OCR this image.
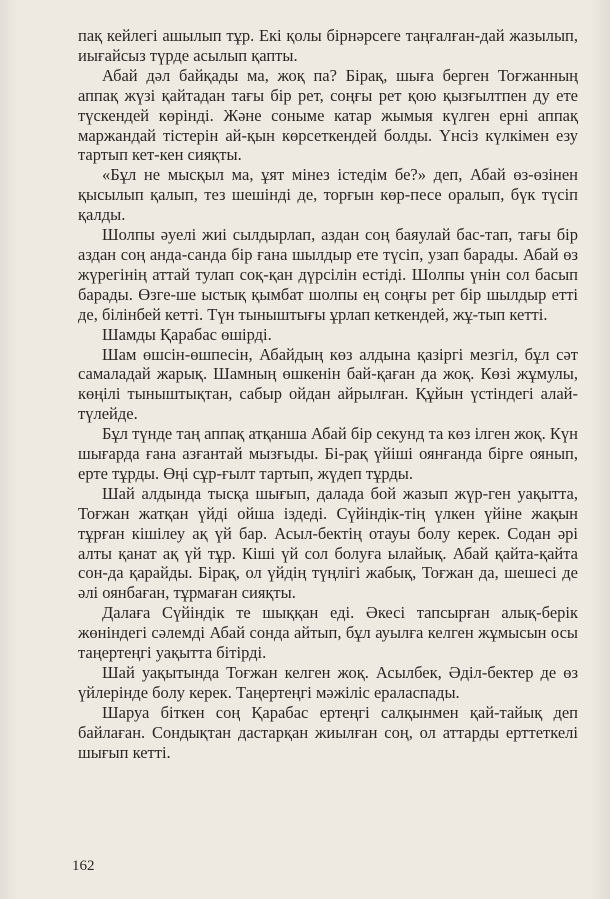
пақ кейлегі ашылып тұр. Екі қолы бірнәрсеге таңғалған-дай жазылып, иығайсыз түрде асылып қапты.

Абай дәл байқады ма, жоқ па? Бірақ, шыға берген Тоғжанның аппақ жүзі қайтадан тағы бір рет, соңғы рет қою қызғылтпен ду ете түскендей көрінді. Және соныме катар жымыя күлген ерні аппақ маржандай тістерін ай-қын көрсеткендей болды. Үнсіз күлкімен езу тартып кет-кен сияқты.

«Бұл не мысқыл ма, ұят мінез істедім бе?» деп, Абай өз-өзінен қысылып қалып, тез шешінді де, торғын көр-песе оралып, бүк түсіп қалды.

Шолпы әуелі жиі сылдырлап, аздан соң баяулай бас-тап, тағы бір аздан соң анда-санда бір ғана шылдыр ете түсіп, узап барады. Абай өз жүрегінің аттай тулап соқ-қан дүрсілін естіді. Шолпы үнін сол басып барады. Өзге-ше ыстық қымбат шолпы ең соңғы рет бір шылдыр етті де, білінбей кетті. Түн тыныштығы ұрлап кеткендей, жұ-тып кетті.

Шамды Қарабас өшірді.

Шам өшсін-өшпесін, Абайдың көз алдына қазіргі мезгіл, бұл сәт самаладай жарық. Шамның өшкенін бай-қаған да жоқ. Көзі жұмулы, көңілі тыныштықтан, сабыр ойдан айрылған. Құйын үстіндегі алай-түлейде.

Бұл түнде таң аппақ атқанша Абай бір секунд та көз ілген жоқ. Күн шығарда ғана азғантай мызғыды. Бі-рақ үйіші оянғанда бірге оянып, ерте тұрды. Өңі сұр-ғылт тартып, жүдеп тұрды.

Шай алдында тысқа шығып, далада бой жазып жүр-ген уақытта, Тоғжан жатқан үйді ойша іздеді. Сүйіндік-тің үлкен үйіне жақын тұрған кішілеу ақ үй бар. Асыл-бектің отауы болу керек. Содан әрі алты қанат ақ үй тұр. Кіші үй сол болуға ылайық. Абай қайта-қайта сон-да қарайды. Бірақ, ол үйдің түңлігі жабық, Тоғжан да, шешесі де әлі оянбаған, тұрмаған сияқты.

Далаға Сүйіндік те шыққан еді. Әкесі тапсырған алық-берік жөніндегі сәлемді Абай сонда айтып, бұл ауылға келген жұмысын осы таңертеңгі уақытта бітірді.

Шай уақытында Тоғжан келген жоқ. Асылбек, Әділ-бектер де өз үйлерінде болу керек. Таңертеңгі мәжіліс ераласпады.

Шаруа біткен соң Қарабас ертеңгі салқынмен қай-тайық деп байлаған. Сондықтан дастарқан жиылған соң, ол аттарды ерттеткелі шығып кетті.

162
